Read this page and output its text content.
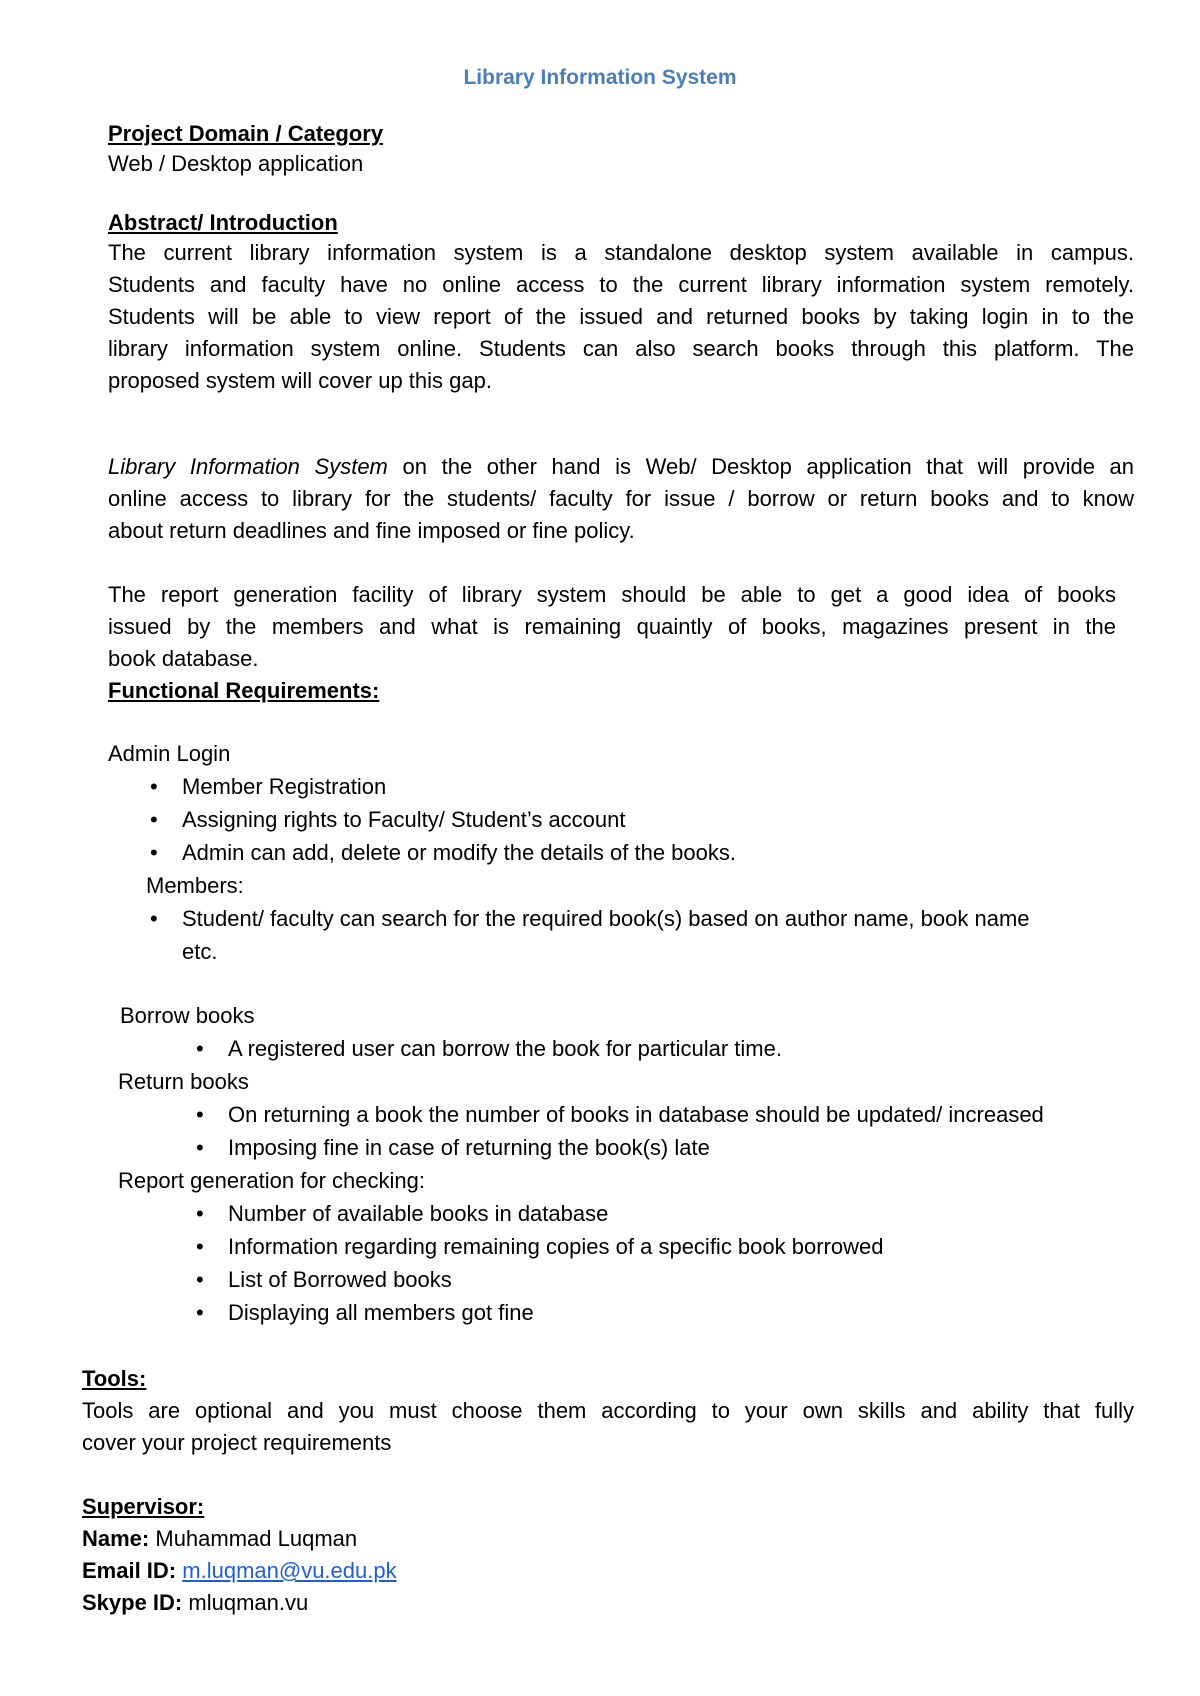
Library Information System
Project Domain / Category
Web / Desktop application
Abstract/ Introduction
The current library information system is a standalone desktop system available in campus.
Students and faculty have no online access to the current library information system remotely.
Students will be able to view report of the issued and returned books by taking login in to the
library information system online. Students can also search books through this platform. The
proposed system will cover up this gap.
Library Information System on the other hand is Web/ Desktop application that will provide an
online access to library for the students/ faculty for issue / borrow or return books and to know
about return deadlines and fine imposed or fine policy.
The report generation facility of library system should be able to get a good idea of books
issued by the members and what is remaining quaintly of books, magazines present in the
book database.
Functional Requirements:
Admin Login
• Member Registration
• Assigning rights to Faculty/ Student’s account
• Admin can add, delete or modify the details of the books.
Members:
• Student/ faculty can search for the required book(s) based on author name, book name
etc.
Borrow books
• A registered user can borrow the book for particular time.
Return books
• On returning a book the number of books in database should be updated/ increased
• Imposing fine in case of returning the book(s) late
Report generation for checking:
• Number of available books in database
• Information regarding remaining copies of a specific book borrowed
• List of Borrowed books
• Displaying all members got fine
Tools:
Tools are optional and you must choose them according to your own skills and ability that fully
cover your project requirements
Supervisor:
Name: Muhammad Luqman
Email ID: m.luqman@vu.edu.pk
Skype ID: mluqman.vu
